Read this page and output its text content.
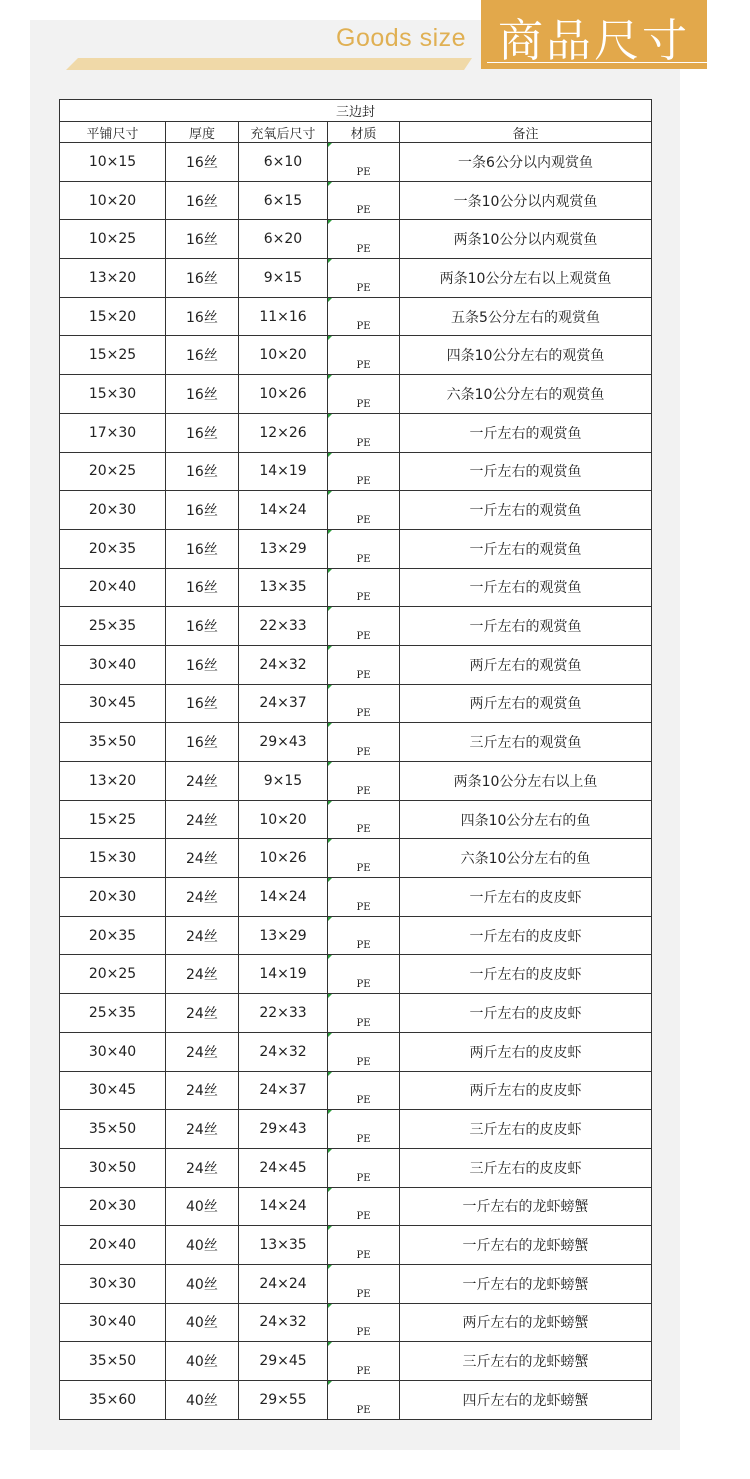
Goods size 商品尺寸
三边封				
平铺尺寸	厚度	充氧后尺寸	材质	备注
10×15	16丝	6×10	PE	一条6公分以内观赏鱼
10×20	16丝	6×15	PE	一条10公分以内观赏鱼
10×25	16丝	6×20	PE	两条10公分以内观赏鱼
13×20	16丝	9×15	PE	两条10公分左右以上观赏鱼
15×20	16丝	11×16	PE	五条5公分左右的观赏鱼
15×25	16丝	10×20	PE	四条10公分左右的观赏鱼
15×30	16丝	10×26	PE	六条10公分左右的观赏鱼
17×30	16丝	12×26	PE	一斤左右的观赏鱼
20×25	16丝	14×19	PE	一斤左右的观赏鱼
20×30	16丝	14×24	PE	一斤左右的观赏鱼
20×35	16丝	13×29	PE	一斤左右的观赏鱼
20×40	16丝	13×35	PE	一斤左右的观赏鱼
25×35	16丝	22×33	PE	一斤左右的观赏鱼
30×40	16丝	24×32	PE	两斤左右的观赏鱼
30×45	16丝	24×37	PE	两斤左右的观赏鱼
35×50	16丝	29×43	PE	三斤左右的观赏鱼
13×20	24丝	9×15	PE	两条10公分左右以上鱼
15×25	24丝	10×20	PE	四条10公分左右的鱼
15×30	24丝	10×26	PE	六条10公分左右的鱼
20×30	24丝	14×24	PE	一斤左右的皮皮虾
20×35	24丝	13×29	PE	一斤左右的皮皮虾
20×25	24丝	14×19	PE	一斤左右的皮皮虾
25×35	24丝	22×33	PE	一斤左右的皮皮虾
30×40	24丝	24×32	PE	两斤左右的皮皮虾
30×45	24丝	24×37	PE	两斤左右的皮皮虾
35×50	24丝	29×43	PE	三斤左右的皮皮虾
30×50	24丝	24×45	PE	三斤左右的皮皮虾
20×30	40丝	14×24	PE	一斤左右的龙虾螃蟹
20×40	40丝	13×35	PE	一斤左右的龙虾螃蟹
30×30	40丝	24×24	PE	一斤左右的龙虾螃蟹
30×40	40丝	24×32	PE	两斤左右的龙虾螃蟹
35×50	40丝	29×45	PE	三斤左右的龙虾螃蟹
35×60	40丝	29×55	PE	四斤左右的龙虾螃蟹
